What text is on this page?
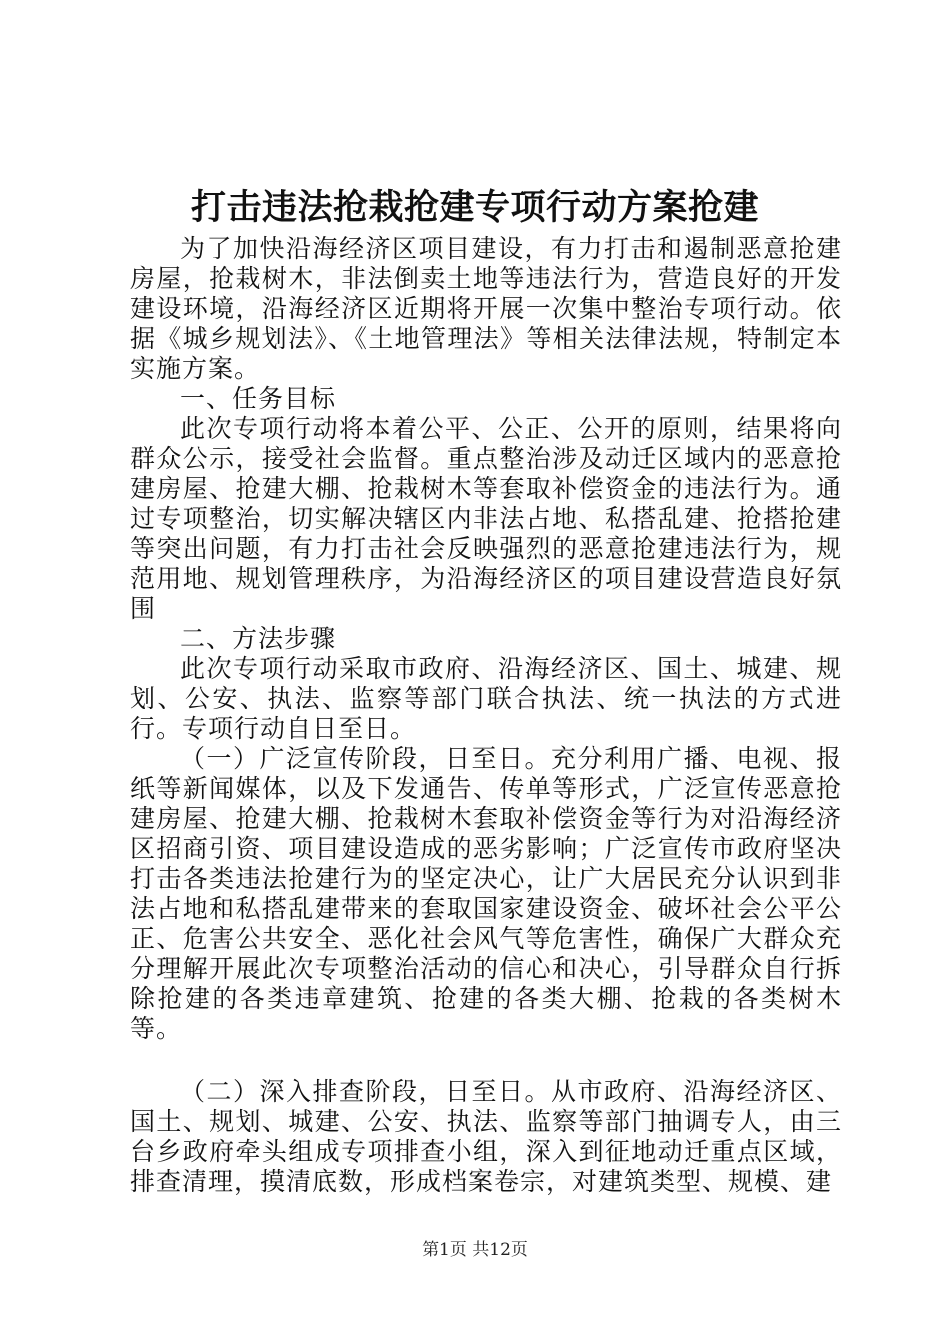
打击违法抢栽抢建专项行动方案抢建

为了加快沿海经济区项目建设，有力打击和遏制恶意抢建房屋，抢栽树木，非法倒卖土地等违法行为，营造良好的开发建设环境，沿海经济区近期将开展一次集中整治专项行动。依据《城乡规划法》、《土地管理法》等相关法律法规，特制定本实施方案。

一、任务目标

此次专项行动将本着公平、公正、公开的原则，结果将向群众公示，接受社会监督。重点整治涉及动迁区域内的恶意抢建房屋、抢建大棚、抢栽树木等套取补偿资金的违法行为。通过专项整治，切实解决辖区内非法占地、私搭乱建、抢搭抢建等突出问题，有力打击社会反映强烈的恶意抢建违法行为，规范用地、规划管理秩序，为沿海经济区的项目建设营造良好氛围

二、方法步骤

此次专项行动采取市政府、沿海经济区、国土、城建、规划、公安、执法、监察等部门联合执法、统一执法的方式进行。专项行动自日至日。

（一）广泛宣传阶段，日至日。充分利用广播、电视、报纸等新闻媒体，以及下发通告、传单等形式，广泛宣传恶意抢建房屋、抢建大棚、抢栽树木套取补偿资金等行为对沿海经济区招商引资、项目建设造成的恶劣影响；广泛宣传市政府坚决打击各类违法抢建行为的坚定决心，让广大居民充分认识到非法占地和私搭乱建带来的套取国家建设资金、破坏社会公平公正、危害公共安全、恶化社会风气等危害性，确保广大群众充分理解开展此次专项整治活动的信心和决心，引导群众自行拆除抢建的各类违章建筑、抢建的各类大棚、抢栽的各类树木等。

（二）深入排查阶段，日至日。从市政府、沿海经济区、国土、规划、城建、公安、执法、监察等部门抽调专人，由三台乡政府牵头组成专项排查小组，深入到征地动迁重点区域，排查清理，摸清底数，形成档案卷宗，对建筑类型、规模、建

第1页 共12页
